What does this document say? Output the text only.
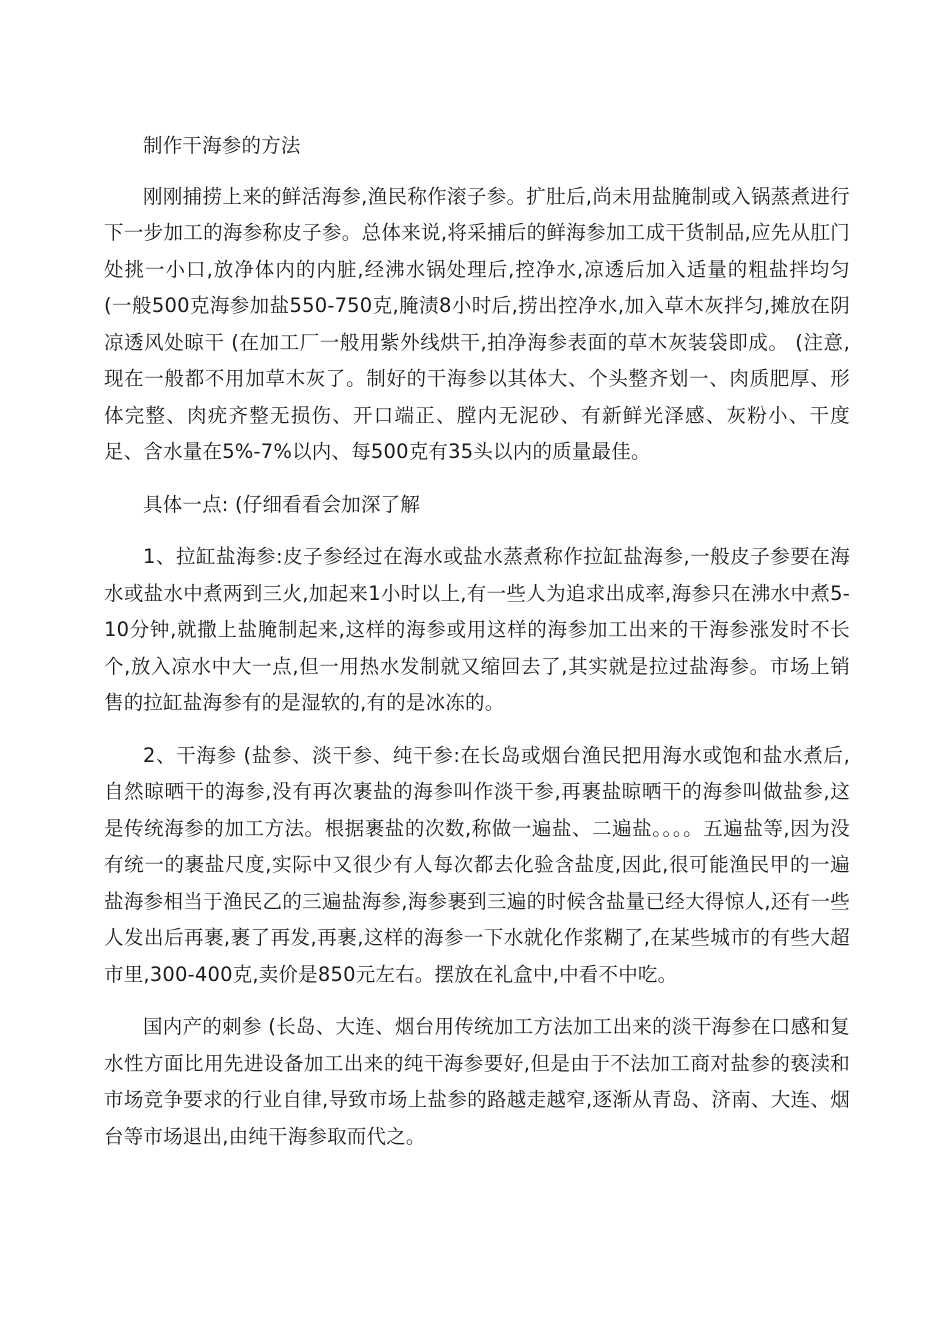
制作干海参的方法

刚刚捕捞上来的鲜活海参,渔民称作滚子参。扩肚后,尚未用盐腌制或入锅蒸煮进行下一步加工的海参称皮子参。总体来说,将采捕后的鲜海参加工成干货制品,应先从肛门处挑一小口,放净体内的内脏,经沸水锅处理后,控净水,凉透后加入适量的粗盐拌均匀 (一般500克海参加盐550-750克,腌渍8小时后,捞出控净水,加入草木灰拌匀,摊放在阴凉透风处晾干 (在加工厂一般用紫外线烘干,拍净海参表面的草木灰装袋即成。 (注意,现在一般都不用加草木灰了。制好的干海参以其体大、个头整齐划一、肉质肥厚、形体完整、肉疣齐整无损伤、开口端正、膛内无泥砂、有新鲜光泽感、灰粉小、干度足、含水量在5%-7%以内、每500克有35头以内的质量最佳。

具体一点: (仔细看看会加深了解

1、拉缸盐海参:皮子参经过在海水或盐水蒸煮称作拉缸盐海参,一般皮子参要在海水或盐水中煮两到三火,加起来1小时以上,有一些人为追求出成率,海参只在沸水中煮5-10分钟,就撒上盐腌制起来,这样的海参或用这样的海参加工出来的干海参涨发时不长个,放入凉水中大一点,但一用热水发制就又缩回去了,其实就是拉过盐海参。市场上销售的拉缸盐海参有的是湿软的,有的是冰冻的。

2、干海参 (盐参、淡干参、纯干参:在长岛或烟台渔民把用海水或饱和盐水煮后,自然晾晒干的海参,没有再次裹盐的海参叫作淡干参,再裹盐晾晒干的海参叫做盐参,这是传统海参的加工方法。根据裹盐的次数,称做一遍盐、二遍盐。。。。五遍盐等,因为没有统一的裹盐尺度,实际中又很少有人每次都去化验含盐度,因此,很可能渔民甲的一遍盐海参相当于渔民乙的三遍盐海参,海参裹到三遍的时候含盐量已经大得惊人,还有一些人发出后再裹,裹了再发,再裹,这样的海参一下水就化作浆糊了,在某些城市的有些大超市里,300-400克,卖价是850元左右。摆放在礼盒中,中看不中吃。

国内产的刺参 (长岛、大连、烟台用传统加工方法加工出来的淡干海参在口感和复水性方面比用先进设备加工出来的纯干海参要好,但是由于不法加工商对盐参的亵渎和市场竞争要求的行业自律,导致市场上盐参的路越走越窄,逐渐从青岛、济南、大连、烟台等市场退出,由纯干海参取而代之。
